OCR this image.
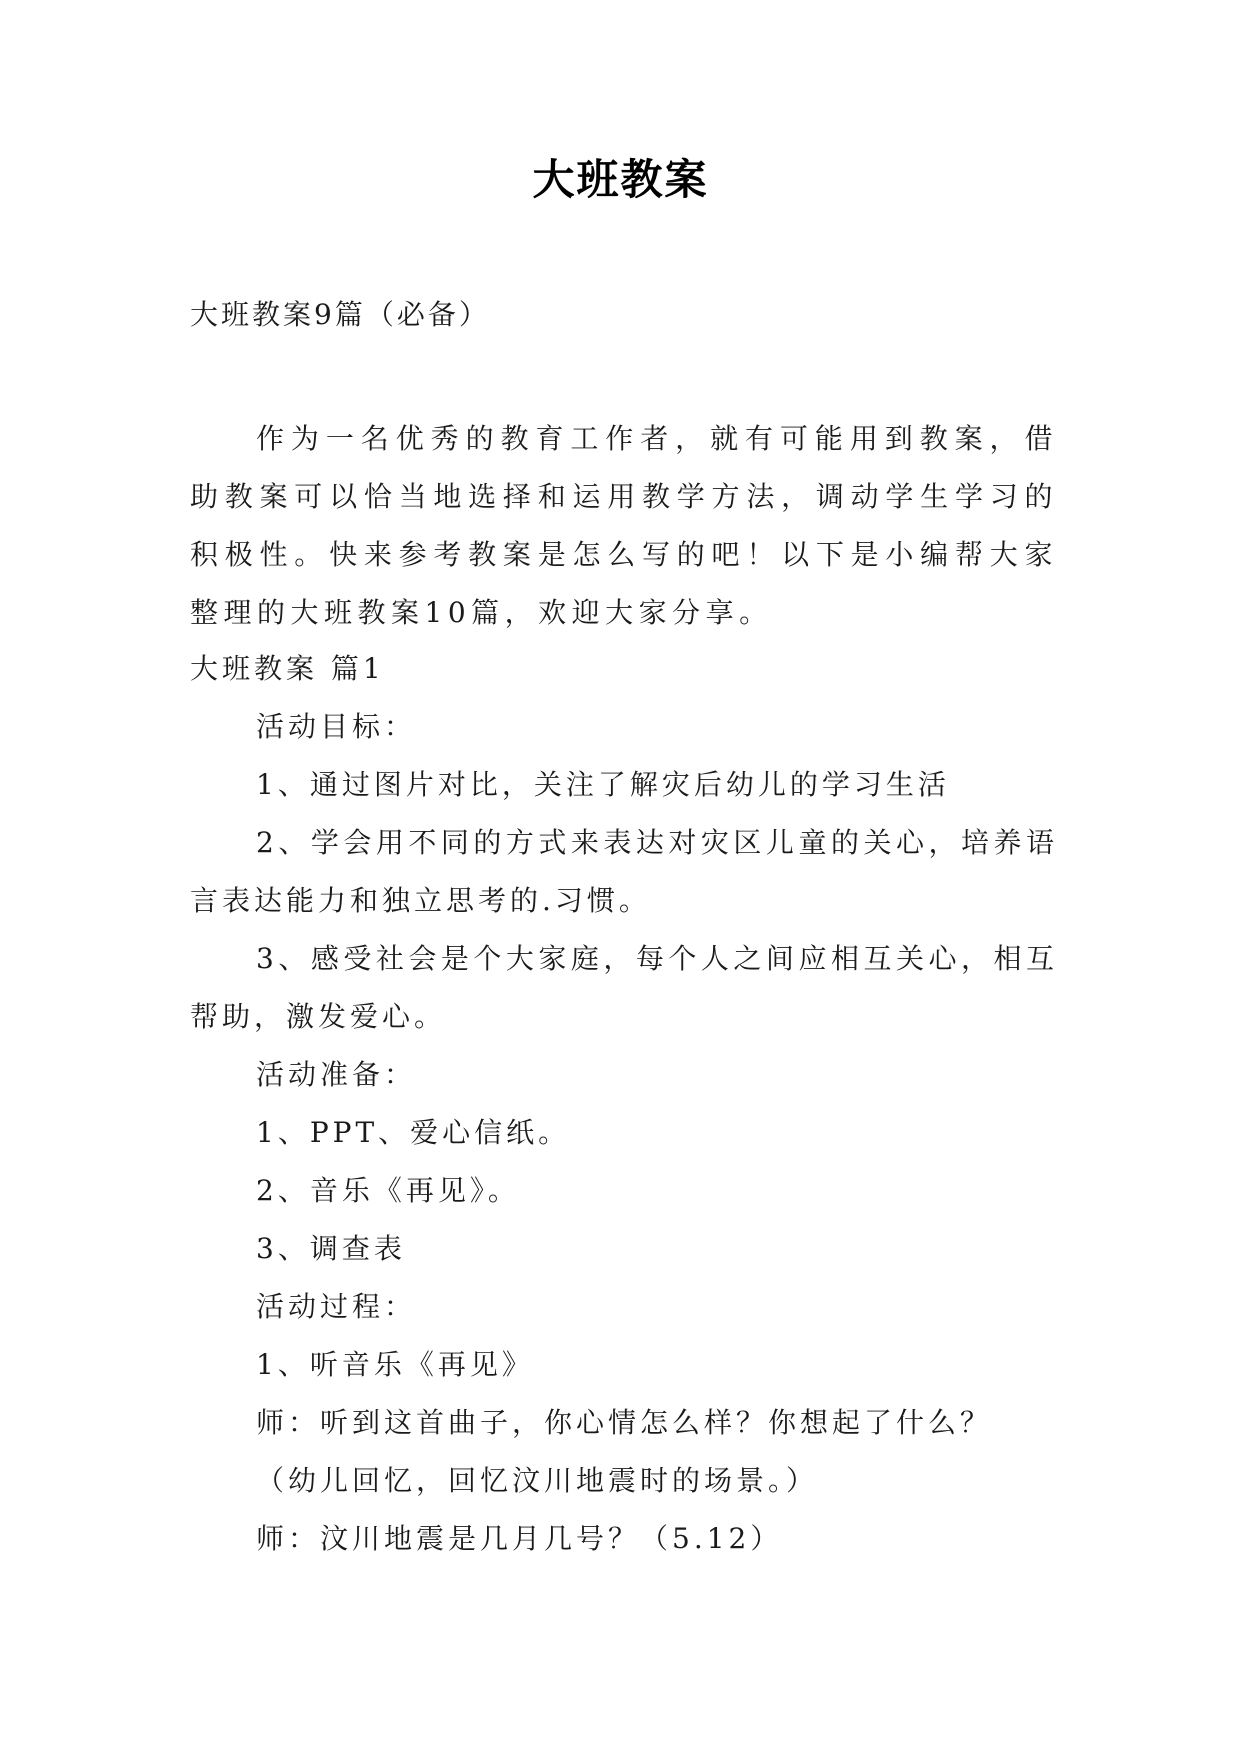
大班教案
大班教案9篇（必备）
作为一名优秀的教育工作者，就有可能用到教案，借助教案可以恰当地选择和运用教学方法，调动学生学习的积极性。快来参考教案是怎么写的吧！以下是小编帮大家整理的大班教案10篇，欢迎大家分享。

大班教案 篇1

活动目标：

1、通过图片对比，关注了解灾后幼儿的学习生活

2、学会用不同的方式来表达对灾区儿童的关心，培养语言表达能力和独立思考的.习惯。

3、感受社会是个大家庭，每个人之间应相互关心，相互帮助，激发爱心。

活动准备：

1、PPT、爱心信纸。

2、音乐《再见》。

3、调查表

活动过程：

1、听音乐《再见》

师：听到这首曲子，你心情怎么样？你想起了什么？

（幼儿回忆，回忆汶川地震时的场景。）

师：汶川地震是几月几号？（5.12）
